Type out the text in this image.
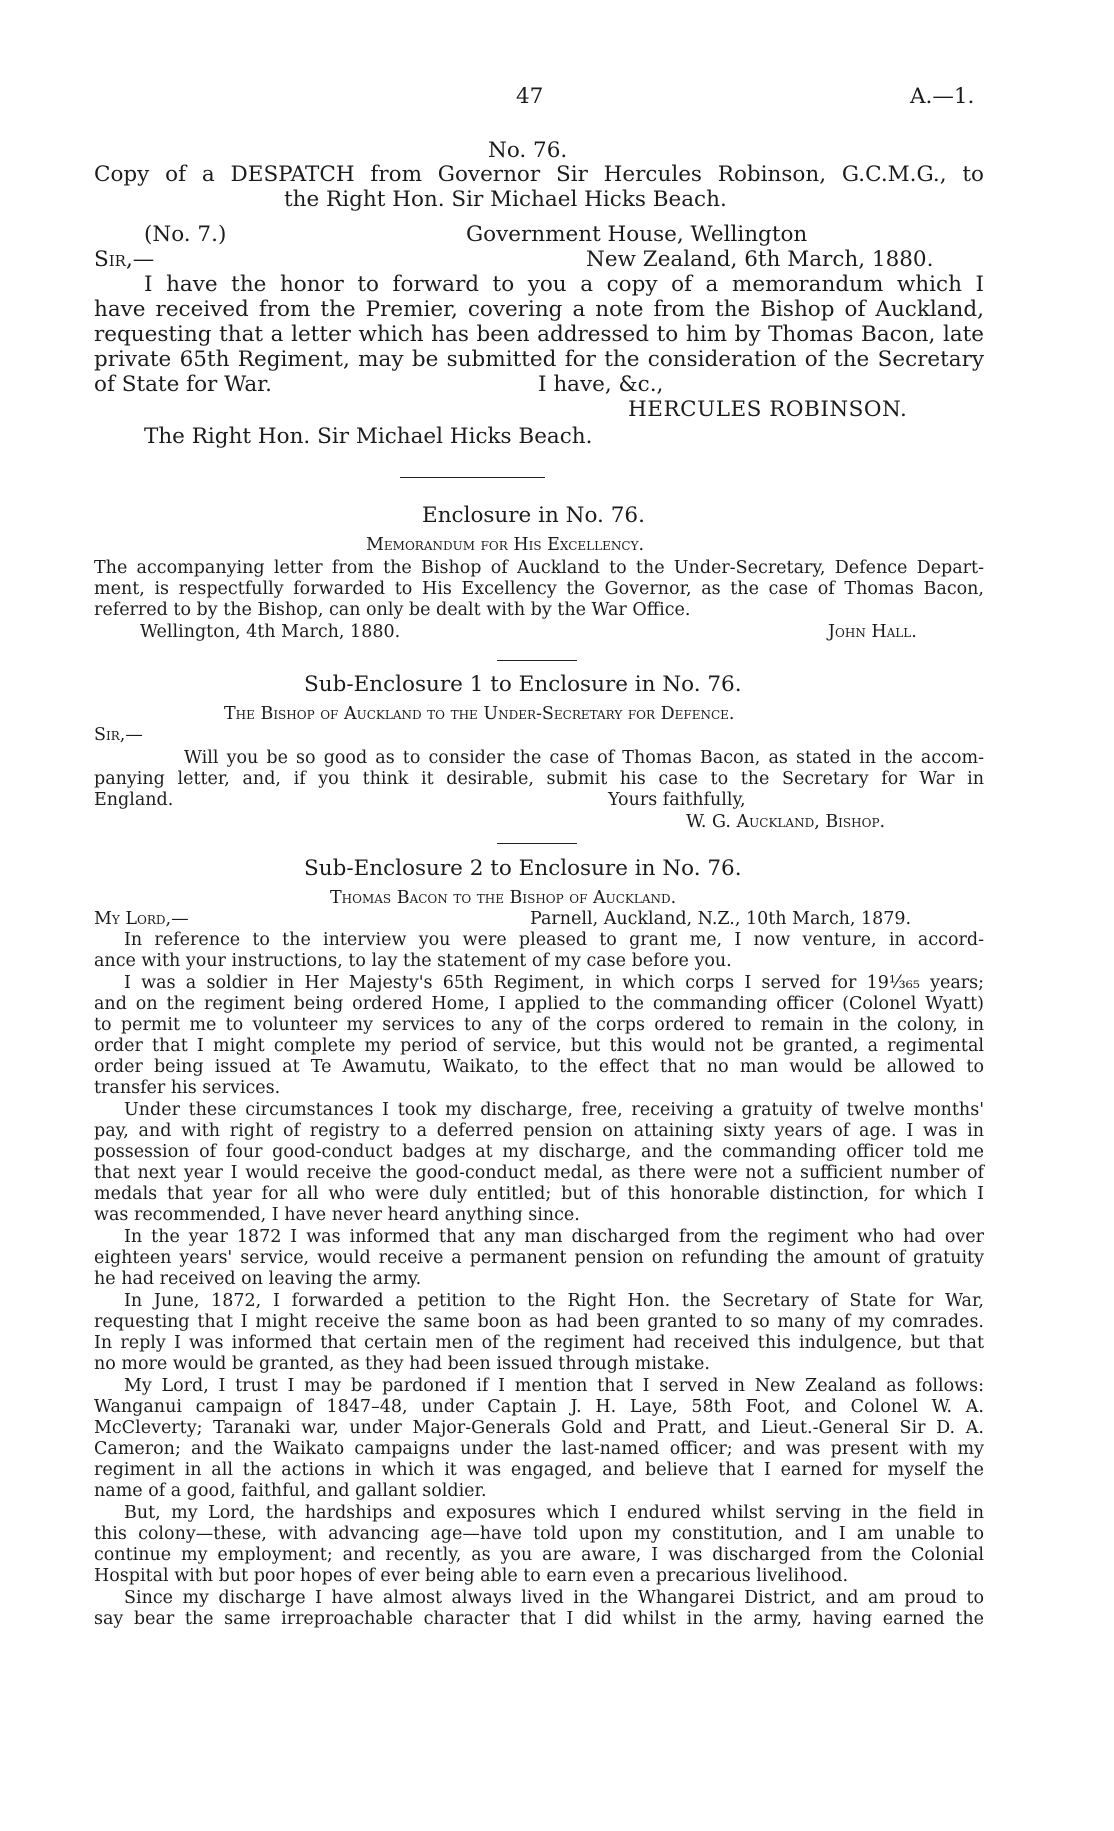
47	A.—1.
No. 76.
Copy of a DESPATCH from Governor Sir Hercules Robinson, G.C.M.G., to
the Right Hon. Sir Michael Hicks Beach.
(No. 7.)	Government House, Wellington
Sir,—	New Zealand, 6th March, 1880.
I have the honor to forward to you a copy of a memorandum which I
have received from the Premier, covering a note from the Bishop of Auckland,
requesting that a letter which has been addressed to him by Thomas Bacon, late
private 65th Regiment, may be submitted for the consideration of the Secretary
of State for War.	I have, &c.,
HERCULES ROBINSON.
The Right Hon. Sir Michael Hicks Beach.
Enclosure in No. 76.
Memorandum for His Excellency.
The accompanying letter from the Bishop of Auckland to the Under-Secretary, Defence Depart-
ment, is respectfully forwarded to His Excellency the Governor, as the case of Thomas Bacon,
referred to by the Bishop, can only be dealt with by the War Office.
Wellington, 4th March, 1880.	John Hall.
Sub-Enclosure 1 to Enclosure in No. 76.
The Bishop of Auckland to the Under-Secretary for Defence.
Sir,—
Will you be so good as to consider the case of Thomas Bacon, as stated in the accom-
panying letter, and, if you think it desirable, submit his case to the Secretary for War in
England.	Yours faithfully,
W. G. Auckland, Bishop.
Sub-Enclosure 2 to Enclosure in No. 76.
Thomas Bacon to the Bishop of Auckland.
My Lord,—	Parnell, Auckland, N.Z., 10th March, 1879.
In reference to the interview you were pleased to grant me, I now venture, in accord-
ance with your instructions, to lay the statement of my case before you.
I was a soldier in Her Majesty's 65th Regiment, in which corps I served for 19¹⁄₃₆₅ years;
and on the regiment being ordered Home, I applied to the commanding officer (Colonel Wyatt)
to permit me to volunteer my services to any of the corps ordered to remain in the colony, in
order that I might complete my period of service, but this would not be granted, a regimental
order being issued at Te Awamutu, Waikato, to the effect that no man would be allowed to
transfer his services.
Under these circumstances I took my discharge, free, receiving a gratuity of twelve months'
pay, and with right of registry to a deferred pension on attaining sixty years of age. I was in
possession of four good-conduct badges at my discharge, and the commanding officer told me
that next year I would receive the good-conduct medal, as there were not a sufficient number of
medals that year for all who were duly entitled; but of this honorable distinction, for which I
was recommended, I have never heard anything since.
In the year 1872 I was informed that any man discharged from the regiment who had over
eighteen years' service, would receive a permanent pension on refunding the amount of gratuity
he had received on leaving the army.
In June, 1872, I forwarded a petition to the Right Hon. the Secretary of State for War,
requesting that I might receive the same boon as had been granted to so many of my comrades.
In reply I was informed that certain men of the regiment had received this indulgence, but that
no more would be granted, as they had been issued through mistake.
My Lord, I trust I may be pardoned if I mention that I served in New Zealand as follows:
Wanganui campaign of 1847–48, under Captain J. H. Laye, 58th Foot, and Colonel W. A.
McCleverty; Taranaki war, under Major-Generals Gold and Pratt, and Lieut.-General Sir D. A.
Cameron; and the Waikato campaigns under the last-named officer; and was present with my
regiment in all the actions in which it was engaged, and believe that I earned for myself the
name of a good, faithful, and gallant soldier.
But, my Lord, the hardships and exposures which I endured whilst serving in the field in
this colony—these, with advancing age—have told upon my constitution, and I am unable to
continue my employment; and recently, as you are aware, I was discharged from the Colonial
Hospital with but poor hopes of ever being able to earn even a precarious livelihood.
Since my discharge I have almost always lived in the Whangarei District, and am proud to
say bear the same irreproachable character that I did whilst in the army, having earned the
